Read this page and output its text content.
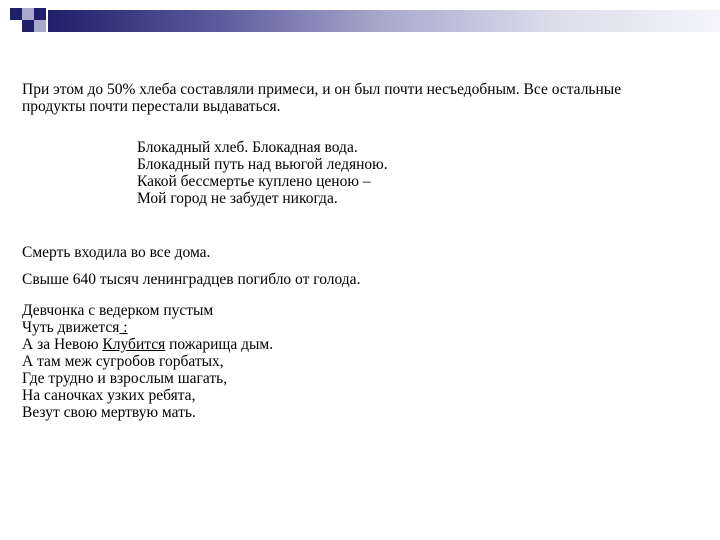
При этом до 50% хлеба составляли примеси, и он был почти несъедобным. Все остальные
продукты почти перестали выдаваться.
Блокадный хлеб. Блокадная вода.
Блокадный путь над вьюгой ледяною.
Какой бессмертье куплено ценою –
Мой город не забудет никогда.
Смерть входила во все дома.
Свыше 640 тысяч ленинградцев погибло от голода.
Девчонка с ведерком пустым
Чуть движется :
А за Невою Клубится пожарища дым.
А там меж сугробов горбатых,
Где трудно и взрослым шагать,
На саночках узких ребята,
Везут свою мертвую мать.
